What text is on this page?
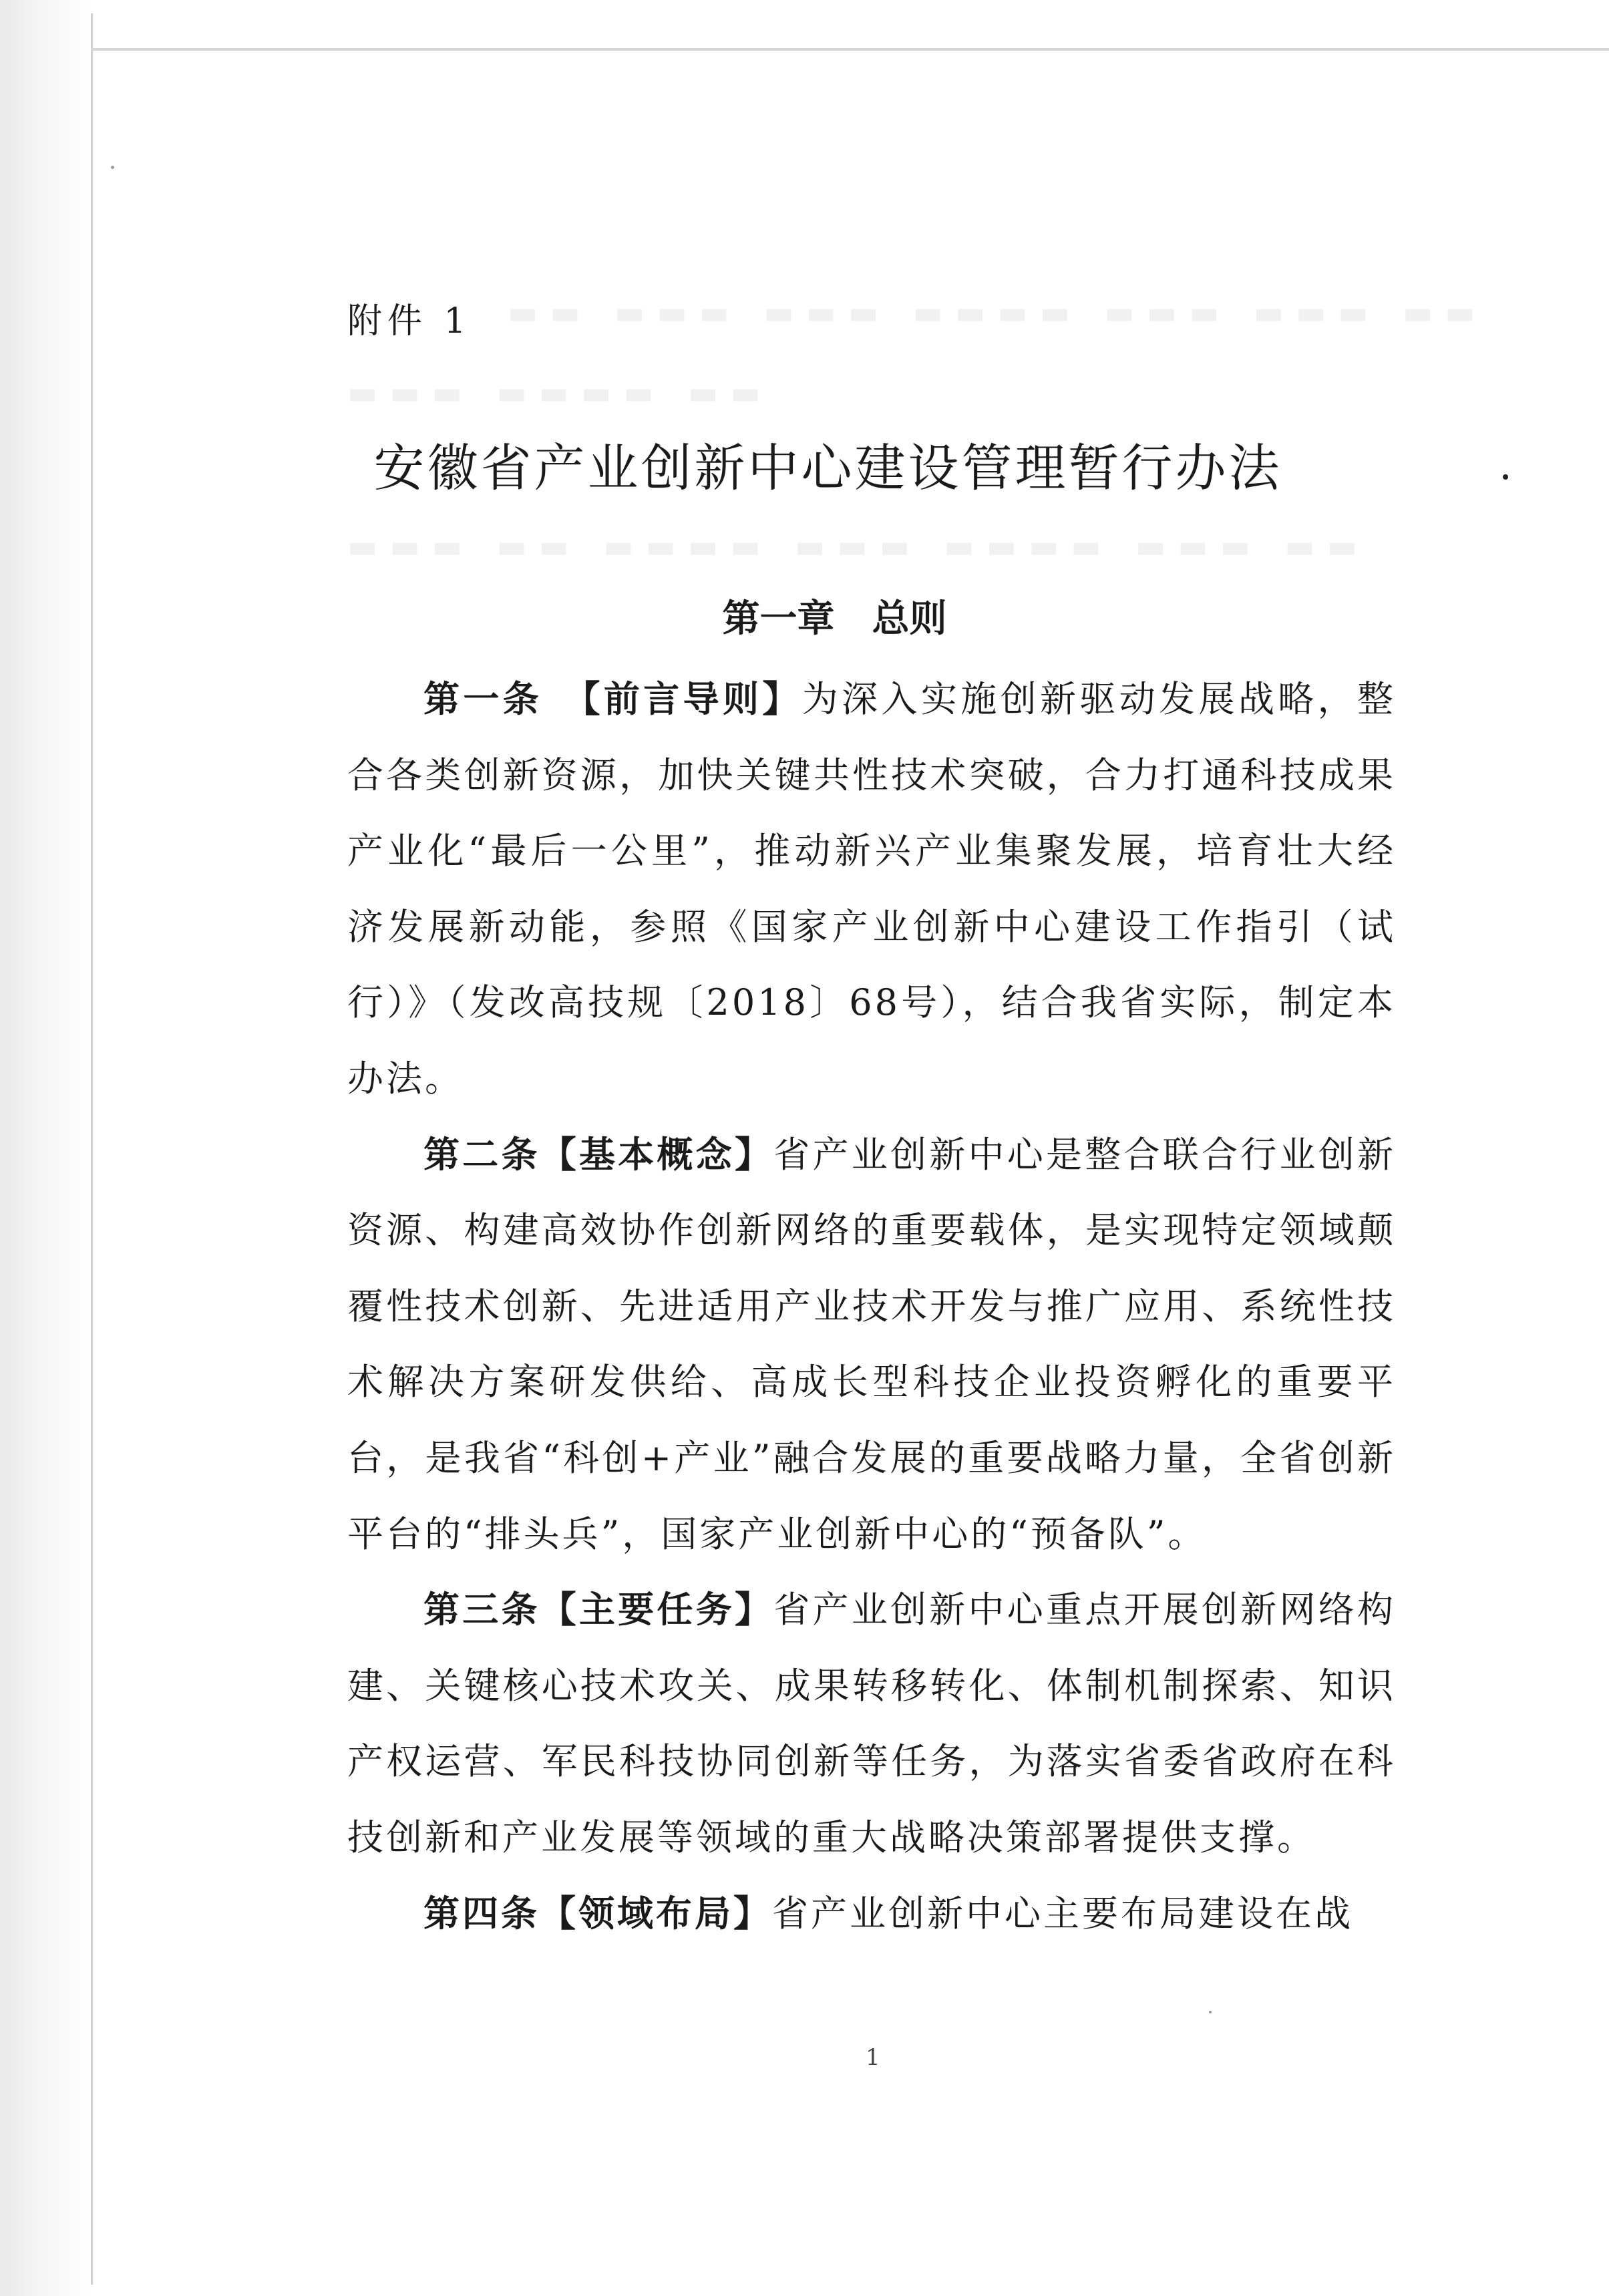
▬▬ ▬▬▬ ▬▬▬ ▬▬▬▬ ▬▬▬ ▬▬▬ ▬▬
▬▬▬ ▬▬▬▬ ▬▬
▬▬▬ ▬▬ ▬▬▬▬ ▬▬▬ ▬▬▬▬ ▬▬▬ ▬▬
附件 1
安徽省产业创新中心建设管理暂行办法
第一章　总则

第一条　【前言导则】为深入实施创新驱动发展战略，整合各类创新资源，加快关键共性技术突破，合力打通科技成果产业化“最后一公里”，推动新兴产业集聚发展，培育壮大经济发展新动能，参照《国家产业创新中心建设工作指引（试行）》（发改高技规〔2018〕68号），结合我省实际，制定本办法。

第二条【基本概念】省产业创新中心是整合联合行业创新资源、构建高效协作创新网络的重要载体，是实现特定领域颠覆性技术创新、先进适用产业技术开发与推广应用、系统性技术解决方案研发供给、高成长型科技企业投资孵化的重要平台，是我省“科创+产业”融合发展的重要战略力量，全省创新平台的“排头兵”，国家产业创新中心的“预备队”。

第三条【主要任务】省产业创新中心重点开展创新网络构建、关键核心技术攻关、成果转移转化、体制机制探索、知识产权运营、军民科技协同创新等任务，为落实省委省政府在科技创新和产业发展等领域的重大战略决策部署提供支撑。

第四条【领域布局】省产业创新中心主要布局建设在战

1
